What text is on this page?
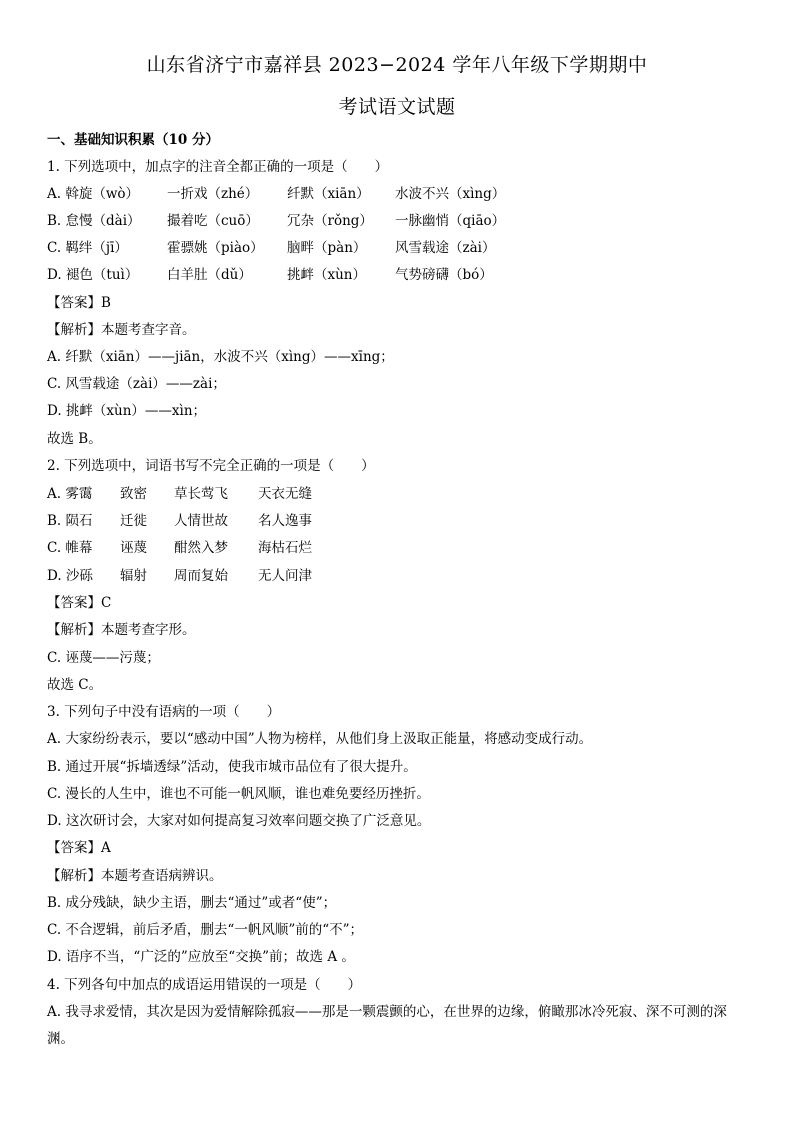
山东省济宁市嘉祥县 2023−2024 学年八年级下学期期中
考试语文试题
一、基础知识积累（10 分）
1. 下列选项中，加点字的注音全都正确的一项是（　　）
A. 斡旋（wò） 一折戏（zhé） 纤默（xiān） 水波不兴（xìng）
B. 怠慢（dài） 撮着吃（cuō） 冗杂（rǒng） 一脉幽悄（qiāo）
C. 羁绊（jī）	霍骠姚（piào） 脑畔（pàn） 风雪载途（zài）
D. 褪色（tuì） 白羊肚（dǔ）	挑衅（xùn） 气势磅礴（bó）
【答案】B
【解析】本题考查字音。
A. 纤默（xiān）——jiān，水波不兴（xìng）——xīng；
C. 风雪载途（zài）——zài；
D. 挑衅（xùn）——xìn；
故选 B。
2. 下列选项中，词语书写不完全正确的一项是（　　）
A. 雾霭 致密 草长莺飞 天衣无缝
B. 陨石 迁徙 人情世故 名人逸事
C. 帷幕 诬蔑 酣然入梦 海枯石烂
D. 沙砾 辐射 周而复始 无人问津
【答案】C
【解析】本题考查字形。
C. 诬蔑——污蔑；
故选 C。
3. 下列句子中没有语病的一项（　　）
A. 大家纷纷表示，要以“感动中国”人物为榜样，从他们身上汲取正能量，将感动变成行动。
B. 通过开展“拆墙透绿”活动，使我市城市品位有了很大提升。
C. 漫长的人生中，谁也不可能一帆风顺，谁也难免要经历挫折。
D. 这次研讨会，大家对如何提高复习效率问题交换了广泛意见。
【答案】A
【解析】本题考查语病辨识。
B. 成分残缺，缺少主语，删去“通过”或者“使”；
C. 不合逻辑，前后矛盾，删去“一帆风顺”前的“不”；
D. 语序不当，“广泛的”应放至“交换”前；故选 A 。
4. 下列各句中加点的成语运用错误的一项是（　　）
A. 我寻求爱情，其次是因为爱情解除孤寂——那是一颗震颤的心，在世界的边缘，俯瞰那冰冷死寂、深不可测的深渊。
